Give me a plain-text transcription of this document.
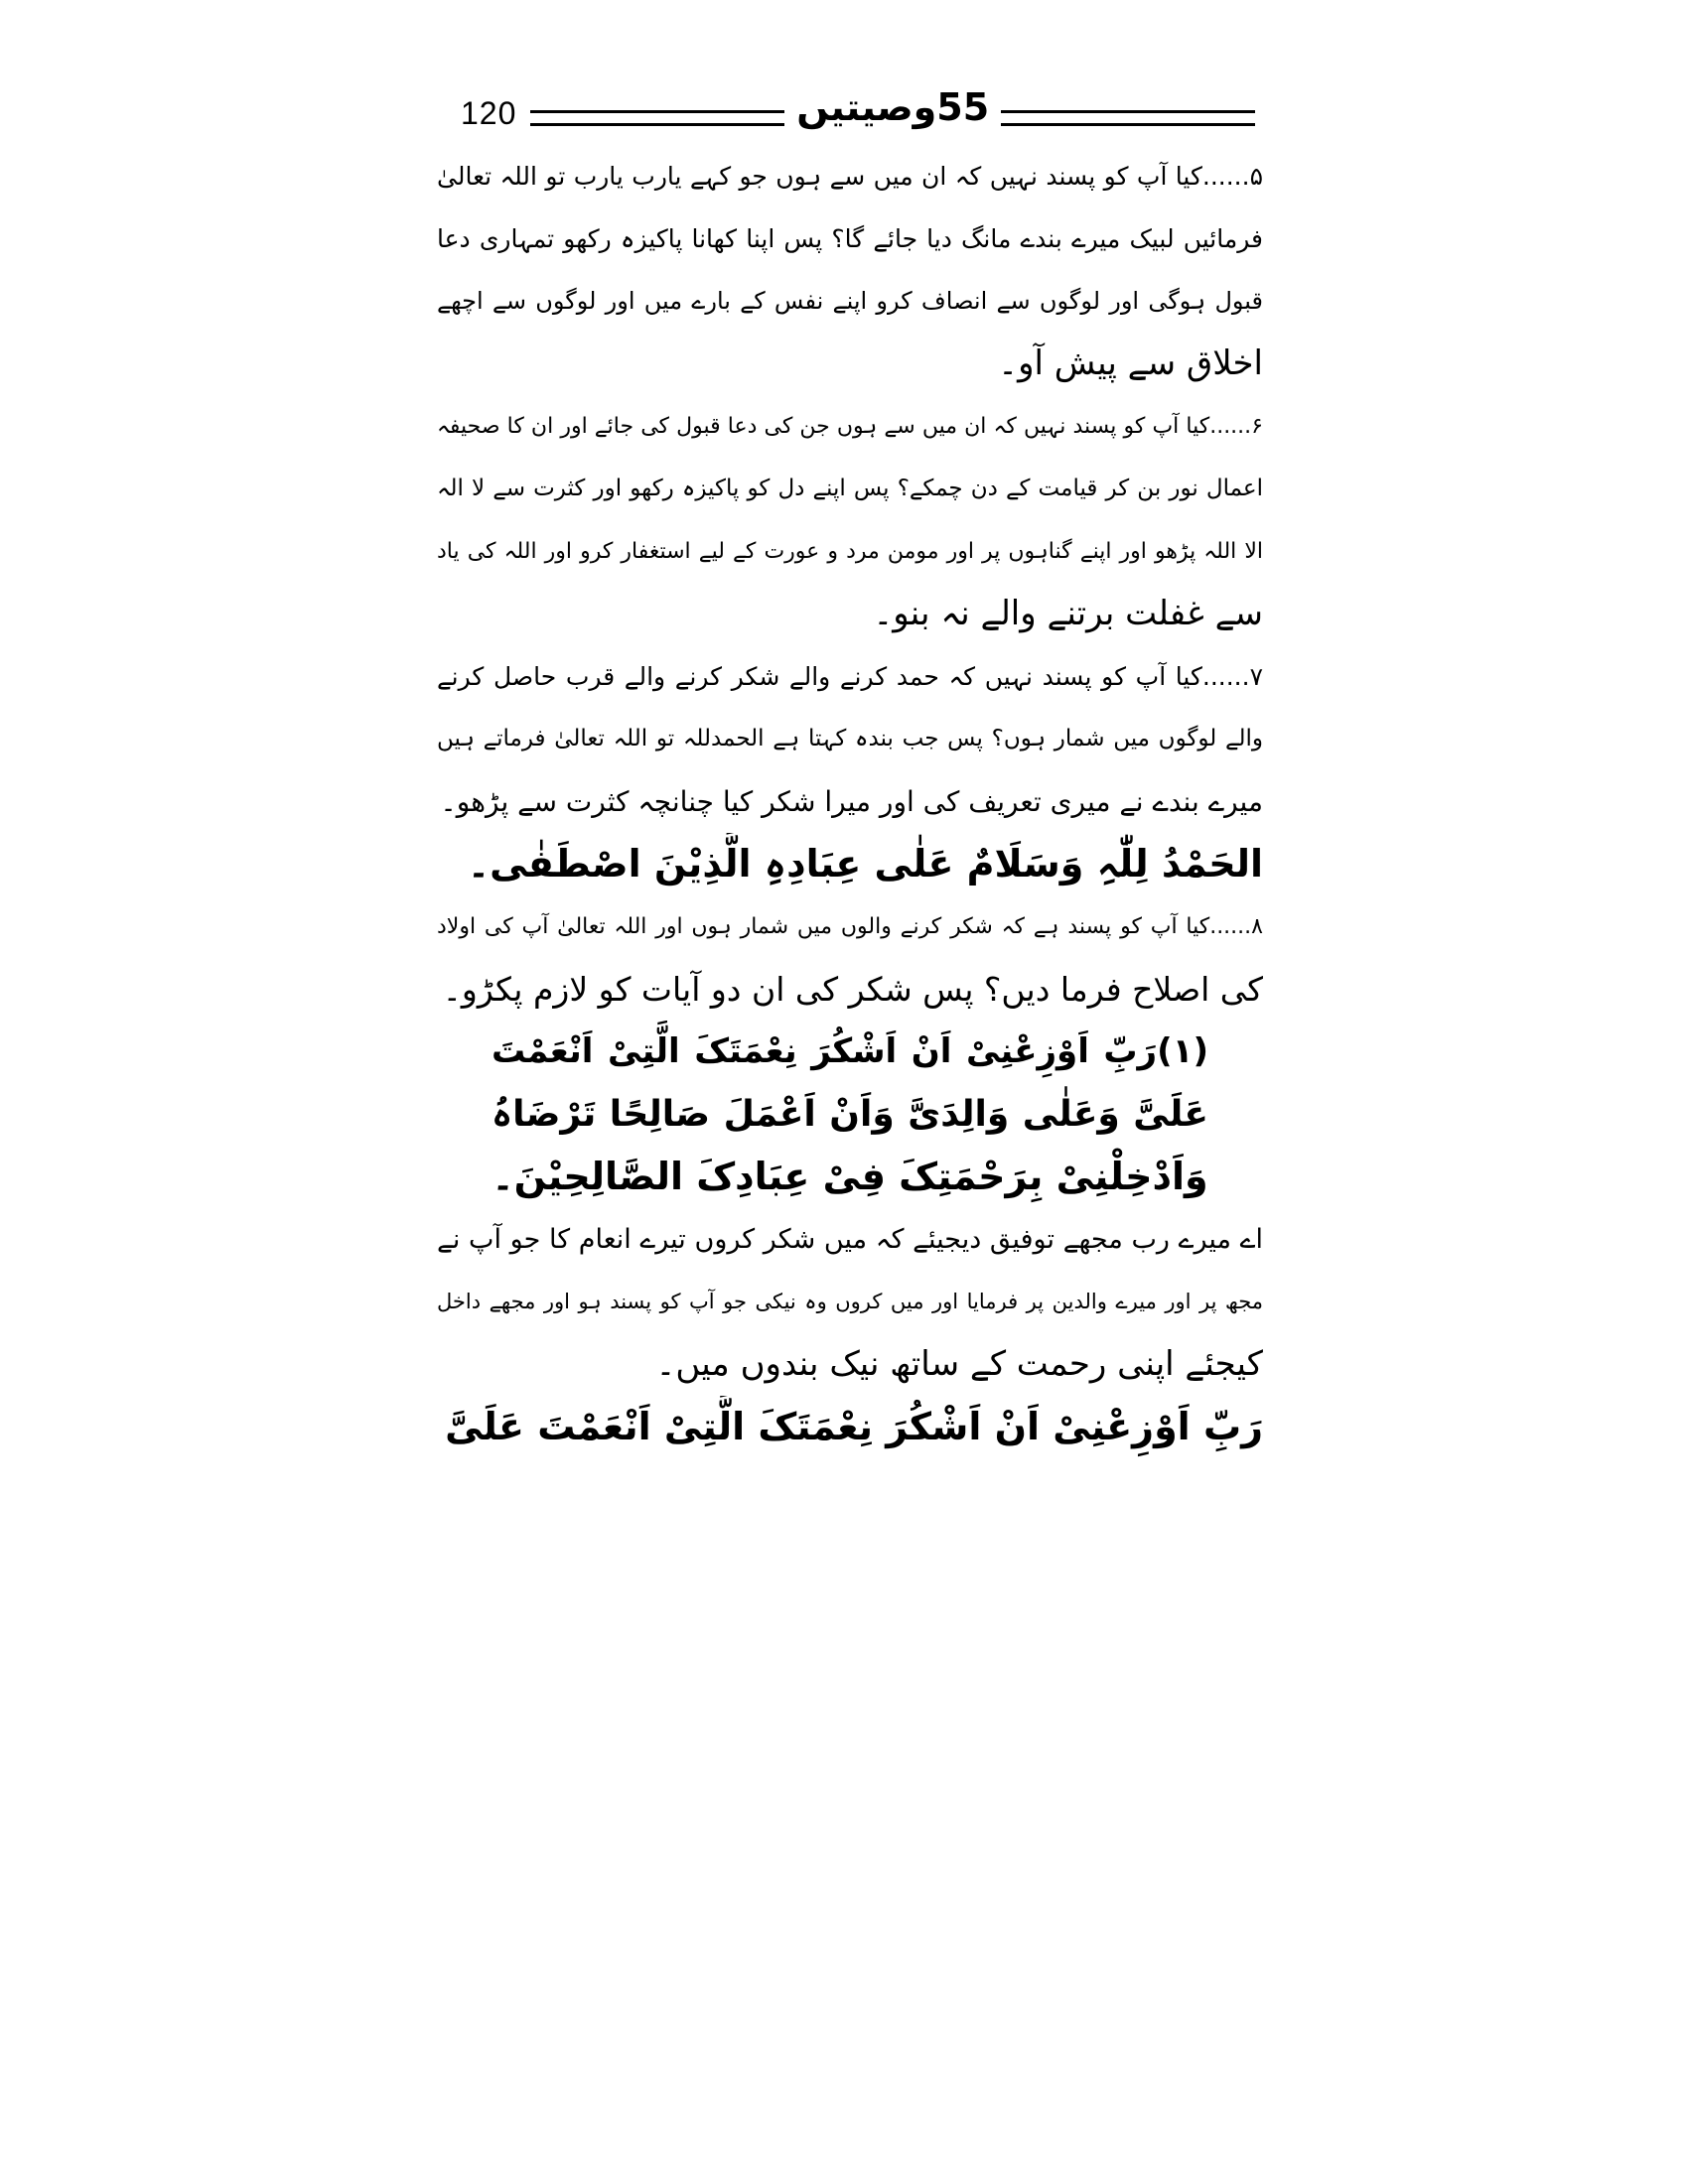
120	55وصیتیں
۵......کیا آپ کو پسند نہیں کہ ان میں سے ہوں جو کہے یارب یارب تو اللہ تعالیٰ
فرمائیں لبیک میرے بندے مانگ دیا جائے گا؟ پس اپنا کھانا پاکیزہ رکھو تمہاری دعا
قبول ہوگی اور لوگوں سے انصاف کرو اپنے نفس کے بارے میں اور لوگوں سے اچھے
اخلاق سے پیش آو۔
۶......کیا آپ کو پسند نہیں کہ ان میں سے ہوں جن کی دعا قبول کی جائے اور ان کا صحیفہ
اعمال نور بن کر قیامت کے دن چمکے؟ پس اپنے دل کو پاکیزہ رکھو اور کثرت سے لا الہ
الا اللہ پڑھو اور اپنے گناہوں پر اور مومن مرد و عورت کے لیے استغفار کرو اور اللہ کی یاد
سے غفلت برتنے والے نہ بنو۔
۷......کیا آپ کو پسند نہیں کہ حمد کرنے والے شکر کرنے والے قرب حاصل کرنے
والے لوگوں میں شمار ہوں؟ پس جب بندہ کہتا ہے الحمدللہ تو اللہ تعالیٰ فرماتے ہیں
میرے بندے نے میری تعریف کی اور میرا شکر کیا چنانچہ کثرت سے پڑھو۔
الحَمْدُ لِلّٰہِ وَسَلَامٌ عَلٰی عِبَادِہِ الَّذِیْنَ اصْطَفٰی۔
۸......کیا آپ کو پسند ہے کہ شکر کرنے والوں میں شمار ہوں اور اللہ تعالیٰ آپ کی اولاد
کی اصلاح فرما دیں؟ پس شکر کی ان دو آیات کو لازم پکڑو۔
(۱)رَبِّ اَوْزِعْنِیْ اَنْ اَشْکُرَ نِعْمَتَکَ الَّتِیْ اَنْعَمْتَ
عَلَیَّ وَعَلٰی وَالِدَیَّ وَاَنْ اَعْمَلَ صَالِحًا تَرْضَاہُ
وَاَدْخِلْنِیْ بِرَحْمَتِکَ فِیْ عِبَادِکَ الصَّالِحِیْنَ۔
اے میرے رب مجھے توفیق دیجیئے کہ میں شکر کروں تیرے انعام کا جو آپ نے
مجھ پر اور میرے والدین پر فرمایا اور میں کروں وہ نیکی جو آپ کو پسند ہو اور مجھے داخل
کیجئے اپنی رحمت کے ساتھ نیک بندوں میں۔
رَبِّ اَوْزِعْنِیْ اَنْ اَشْکُرَ نِعْمَتَکَ الَّتِیْ اَنْعَمْتَ عَلَیَّ
